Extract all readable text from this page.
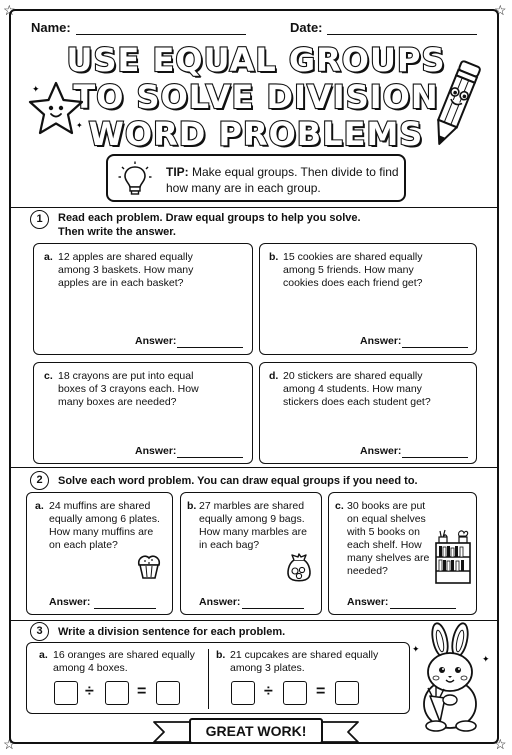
☆	☆
☆	☆
Name:	Date:
USE EQUAL GROUPS
TO SOLVE DIVISION
WORD PROBLEMS
✦
✦
TIP: Make equal groups. Then divide to find how many are in each group.
1	Read each problem. Draw equal groups to help you solve.
Then write the answer.
a. 12 apples are shared equally among 3 baskets. How many apples are in each basket?
Answer:
b. 15 cookies are shared equally among 5 friends. How many cookies does each friend get?
Answer:
c. 18 crayons are put into equal boxes of 3 crayons each. How many boxes are needed?
Answer:
d. 20 stickers are shared equally among 4 students. How many stickers does each student get?
Answer:
2	Solve each word problem. You can draw equal groups if you need to.
a. 24 muffins are shared equally among 6 plates. How many muffins are on each plate?
Answer:
b. 27 marbles are shared equally among 9 bags. How many marbles are in each bag?
Answer:
c. 30 books are put on equal shelves with 5 books on each shelf. How many shelves are needed?
Answer:
3	Write a division sentence for each problem.
a. 16 oranges are shared equally among 4 boxes.
÷	=
b. 21 cupcakes are shared equally among 3 plates.
÷	=
✦
✦
GREAT WORK!
